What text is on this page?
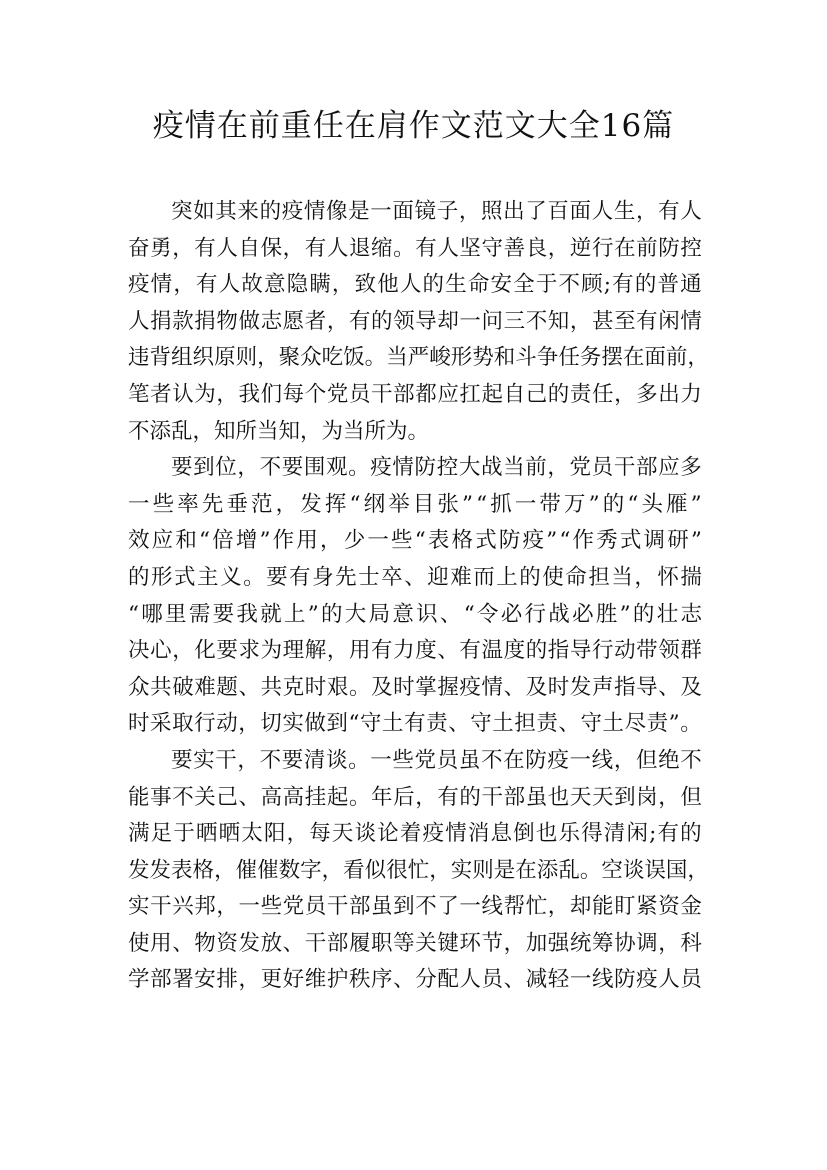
疫情在前重任在肩作文范文大全16篇
突 如 其 来 的 疫 情 像 是 一 面 镜 子 ， 照 出 了 百 面 人 生 ， 有 人
奋 勇 ， 有 人 自 保 ， 有 人 退 缩 。 有 人 坚 守 善 良 ， 逆 行 在 前 防 控
疫 情 ， 有 人 故 意 隐 瞒 ， 致 他 人 的 生 命 安 全 于 不 顾 ; 有 的 普 通
人 捐 款 捐 物 做 志 愿 者 ， 有 的 领 导 却 一 问 三 不 知 ， 甚 至 有 闲 情
违 背 组 织 原 则 ， 聚 众 吃 饭 。 当 严 峻 形 势 和 斗 争 任 务 摆 在 面 前 ，
笔 者 认 为 ， 我 们 每 个 党 员 干 部 都 应 扛 起 自 己 的 责 任 ， 多 出 力
不添乱，知所当知，为当所为。
要 到 位 ， 不 要 围 观 。 疫 情 防 控 大 战 当 前 ， 党 员 干 部 应 多
一 些 率 先 垂 范 ， 发 挥 “ 纲 举 目 张 ” “ 抓 一 带 万 ” 的 “ 头 雁 ”
效 应 和 “ 倍 增 ” 作 用 ， 少 一 些 “ 表 格 式 防 疫 ” “ 作 秀 式 调 研 ”
的 形 式 主 义 。 要 有 身 先 士 卒 、 迎 难 而 上 的 使 命 担 当 ， 怀 揣
“ 哪 里 需 要 我 就 上 ” 的 大 局 意 识 、 “ 令 必 行 战 必 胜 ” 的 壮 志
决 心 ， 化 要 求 为 理 解 ， 用 有 力 度 、 有 温 度 的 指 导 行 动 带 领 群
众 共 破 难 题 、 共 克 时 艰 。 及 时 掌 握 疫 情 、 及 时 发 声 指 导 、 及
时 采 取 行 动 ， 切 实 做 到 “ 守 土 有 责 、 守 土 担 责 、 守 土 尽 责 ” 。
要 实 干 ， 不 要 清 谈 。 一 些 党 员 虽 不 在 防 疫 一 线 ， 但 绝 不
能 事 不 关 己 、 高 高 挂 起 。 年 后 ， 有 的 干 部 虽 也 天 天 到 岗 ， 但
满 足 于 晒 晒 太 阳 ， 每 天 谈 论 着 疫 情 消 息 倒 也 乐 得 清 闲 ; 有 的
发 发 表 格 ， 催 催 数 字 ， 看 似 很 忙 ， 实 则 是 在 添 乱 。 空 谈 误 国 ，
实 干 兴 邦 ， 一 些 党 员 干 部 虽 到 不 了 一 线 帮 忙 ， 却 能 盯 紧 资 金
使 用 、 物 资 发 放 、 干 部 履 职 等 关 键 环 节 ， 加 强 统 筹 协 调 ， 科
学 部 署 安 排 ， 更 好 维 护 秩 序 、 分 配 人 员 、 减 轻 一 线 防 疫 人 员
